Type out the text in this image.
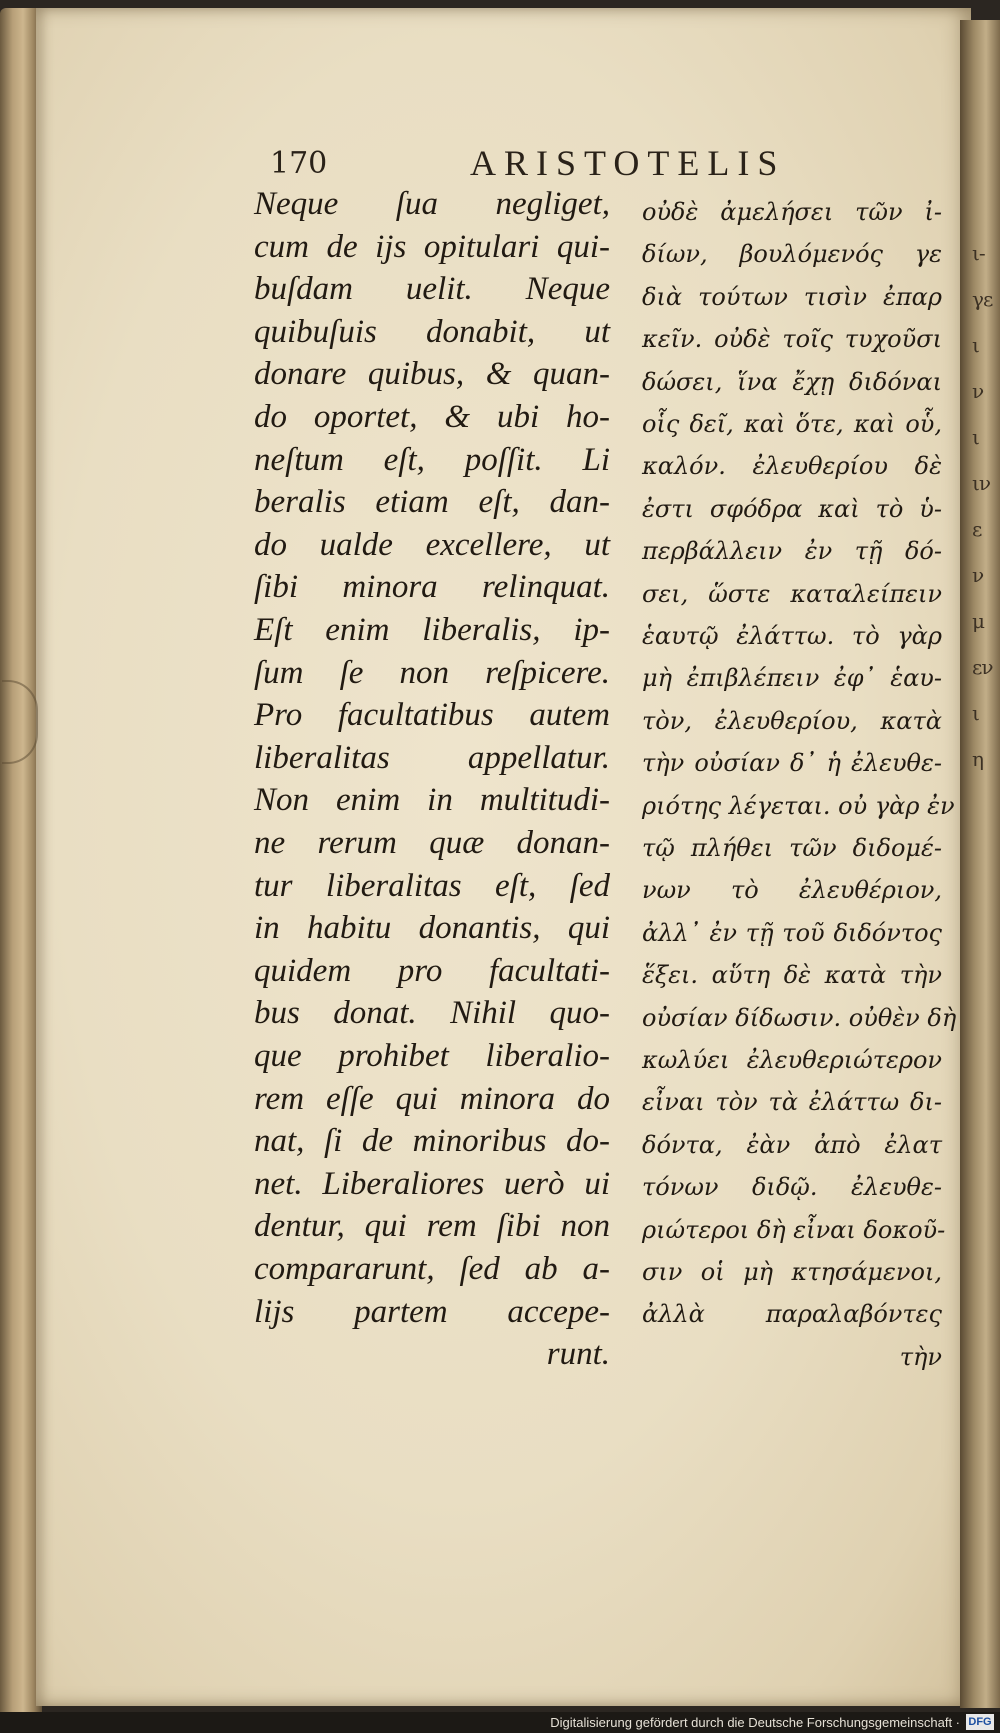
ι-
γε
ι
ν
ι
ιν
ε
ν
μ
εν
ι
η
170	ARISTOTELIS
Neque ſua negliget,
cum de ijs opitulari qui-
buſdam uelit. Neque
quibuſuis donabit, ut
donare quibus, & quan-
do oportet, & ubi ho-
neſtum eſt, poſſit. Li
beralis etiam eſt, dan-
do ualde excellere, ut
ſibi minora relinquat.
Eſt enim liberalis, ip-
ſum ſe non reſpicere.
Pro facultatibus autem
liberalitas appellatur.
Non enim in multitudi-
ne rerum quæ donan-
tur liberalitas eſt, ſed
in habitu donantis, qui
quidem pro facultati-
bus donat. Nihil quo-
que prohibet liberalio-
rem eſſe qui minora do
nat, ſi de minoribus do-
net. Liberaliores uerò ui
dentur, qui rem ſibi non
compararunt, ſed ab a-
lijs partem accepe-
runt.
οὐδὲ ἀμελήσει τῶν ἰ-
δίων, βουλόμενός γε
διὰ τούτων τισὶν ἐπαρ
κεῖν. οὐδὲ τοῖς τυχοῦσι
δώσει, ἵνα ἔχῃ διδόναι
οἷς δεῖ, καὶ ὅτε, καὶ οὗ,
καλόν. ἐλευθερίου δὲ
ἐστι σφόδρα καὶ τὸ ὑ-
περβάλλειν ἐν τῇ δό-
σει, ὥστε καταλείπειν
ἑαυτῷ ἐλάττω. τὸ γὰρ
μὴ ἐπιβλέπειν ἐφ᾽ ἑαυ-
τὸν, ἐλευθερίου, κατὰ
τὴν οὐσίαν δ᾽ ἡ ἐλευθε-
ριότης λέγεται. οὐ γὰρ ἐν
τῷ πλήθει τῶν διδομέ-
νων τὸ ἐλευθέριον,
ἀλλ᾽ ἐν τῇ τοῦ διδόντος
ἕξει. αὕτη δὲ κατὰ τὴν
οὐσίαν δίδωσιν. οὐθὲν δὴ
κωλύει ἐλευθεριώτερον
εἶναι τὸν τὰ ἐλάττω δι-
δόντα, ἐὰν ἀπὸ ἐλατ
τόνων διδῷ. ἐλευθε-
ριώτεροι δὴ εἶναι δοκοῦ-
σιν οἱ μὴ κτησάμενοι,
ἀλλὰ παραλαβόντες
τὴν
Digitalisierung gefördert durch die Deutsche Forschungsgemeinschaft · DFG
